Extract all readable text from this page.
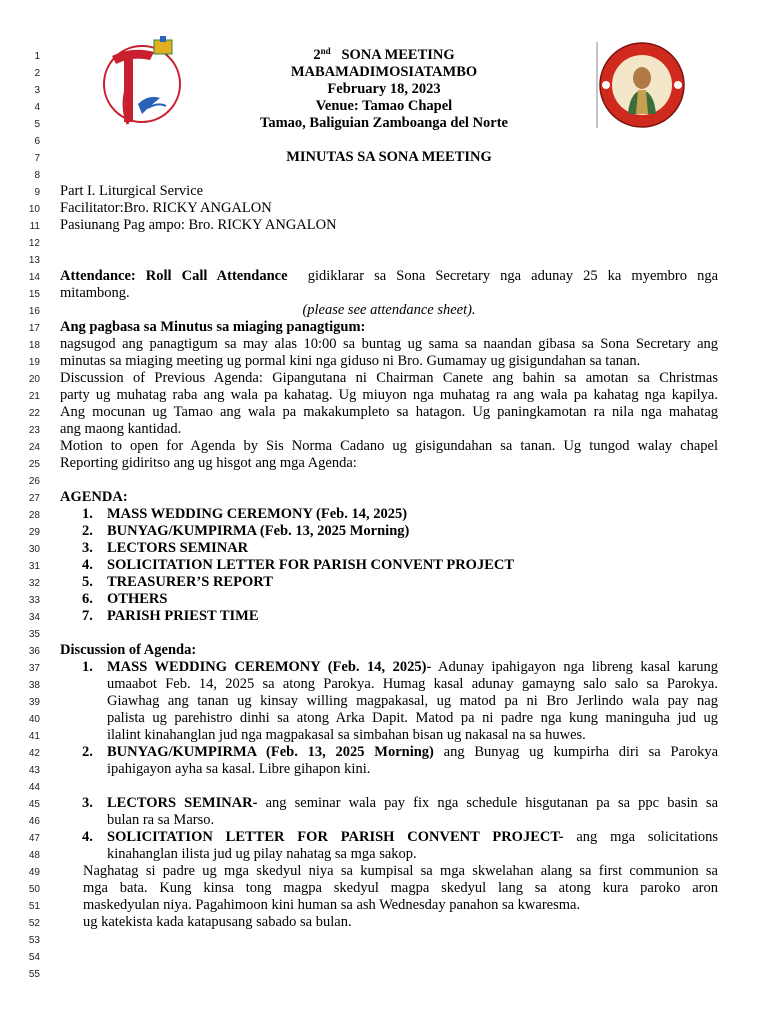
1	2nd SONA MEETING
2	MABAMADIMOSIATAMBO
3	February 18, 2023
4	Venue: Tamao Chapel
5	Tamao, Baliguian Zamboanga del Norte
6
7	MINUTAS SA SONA MEETING
8
9 Part I. Liturgical Service
10 Facilitator:Bro. RICKY ANGALON
11 Pasiunang Pag ampo: Bro. RICKY ANGALON
12
13
14 Attendance: Roll Call Attendance gidiklarar sa Sona Secretary nga adunay 25 ka myembro nga
15 mitambong.
16	(please see attendance sheet).
17 Ang pagbasa sa Minutus sa miaging panagtigum:
18 nagsugod ang panagtigum sa may alas 10:00 sa buntag ug sama sa naandan gibasa sa Sona Secretary ang
19 minutas sa miaging meeting ug pormal kini nga giduso ni Bro. Gumamay ug gisigundahan sa tanan.
20 Discussion of Previous Agenda: Gipangutana ni Chairman Canete ang bahin sa amotan sa Christmas
21 party ug muhatag raba ang wala pa kahatag. Ug miuyon nga muhatag ra ang wala pa kahatag nga kapilya.
22 Ang mocunan ug Tamao ang wala pa makakumpleto sa hatagon. Ug paningkamotan ra nila nga mahatag
23 ang maong kantidad.
24 Motion to open for Agenda by Sis Norma Cadano ug gisigundahan sa tanan. Ug tungod walay chapel
25 Reporting gidiritso ang ug hisgot ang mga Agenda:
26
27 AGENDA:
28	1. MASS WEDDING CEREMONY (Feb. 14, 2025)
29	2. BUNYAG/KUMPIRMA (Feb. 13, 2025 Morning)
30	3. LECTORS SEMINAR
31	4. SOLICITATION LETTER FOR PARISH CONVENT PROJECT
32	5. TREASURER’S REPORT
33	6. OTHERS
34	7. PARISH PRIEST TIME
35
36 Discussion of Agenda:
37	1. MASS WEDDING CEREMONY (Feb. 14, 2025)- Adunay ipahigayon nga libreng kasal karung
38	umaabot Feb. 14, 2025 sa atong Parokya. Humag kasal adunay gamayng salo salo sa Parokya.
39	Giawhag ang tanan ug kinsay willing magpakasal, ug matod pa ni Bro Jerlindo wala pay nag
40	palista ug parehistro dinhi sa atong Arka Dapit. Matod pa ni padre nga kung maninguha jud ug
41	ilalint kinahanglan jud nga magpakasal sa simbahan bisan ug nakasal na sa huwes.
42	2. BUNYAG/KUMPIRMA (Feb. 13, 2025 Morning) ang Bunyag ug kumpirha diri sa Parokya
43	ipahigayon ayha sa kasal. Libre gihapon kini.
44
45	3. LECTORS SEMINAR- ang seminar wala pay fix nga schedule hisgutanan pa sa ppc basin sa
46	bulan ra sa Marso.
47	4. SOLICITATION LETTER FOR PARISH CONVENT PROJECT- ang mga solicitations
48	kinahanglan ilista jud ug pilay nahatag sa mga sakop.
49	Naghatag si padre ug mga skedyul niya sa kumpisal sa mga skwelahan alang sa first communion sa
50	mga bata. Kung kinsa tong magpa skedyul magpa skedyul lang sa atong kura paroko aron
51	maskedyulan niya. Pagahimoon kini human sa ash Wednesday panahon sa kwaresma.
52	ug katekista kada katapusang sabado sa bulan.
53
54
55
